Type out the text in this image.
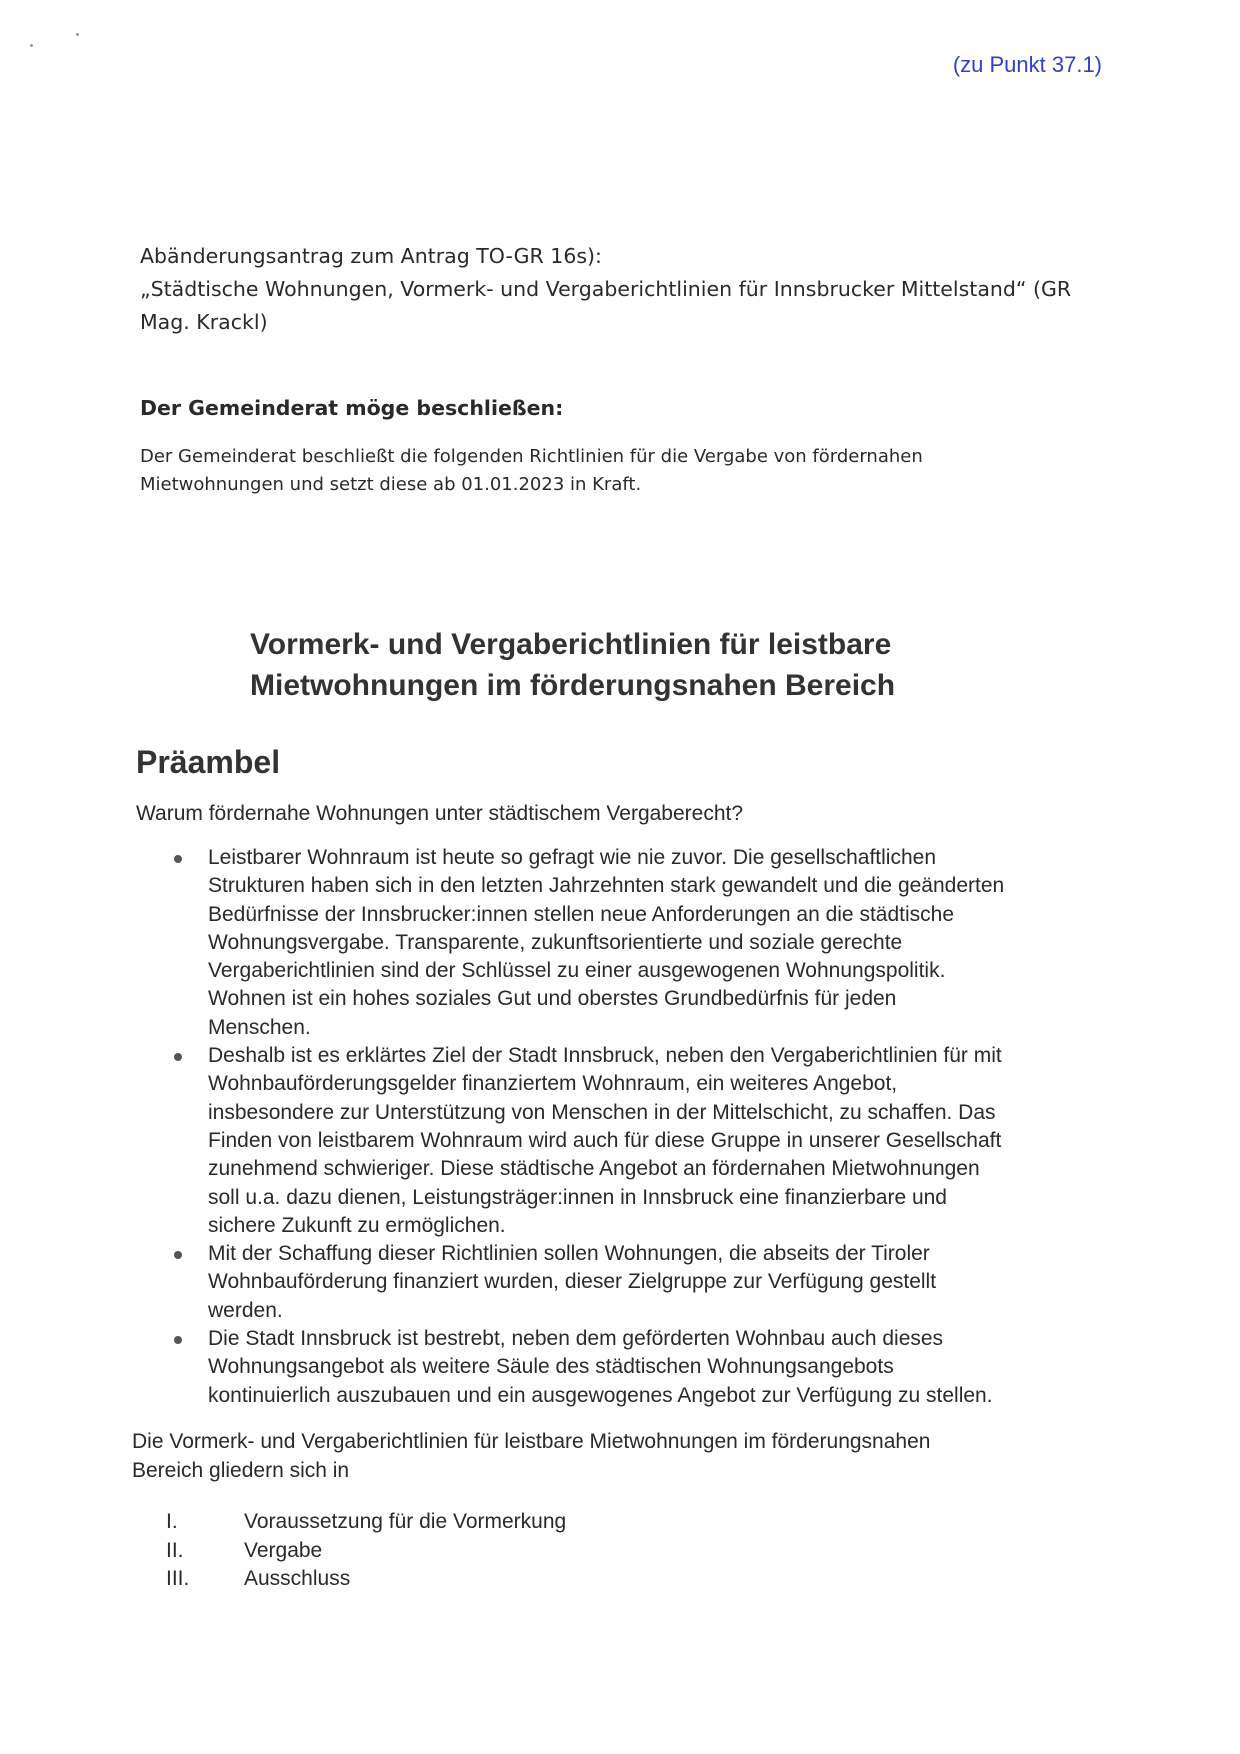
(zu Punkt 37.1)

Abänderungsantrag zum Antrag TO-GR 16s):
„Städtische Wohnungen, Vormerk- und Vergaberichtlinien für Innsbrucker Mittelstand“ (GR
Mag. Krackl)

Der Gemeinderat möge beschließen:

Der Gemeinderat beschließt die folgenden Richtlinien für die Vergabe von fördernahen
Mietwohnungen und setzt diese ab 01.01.2023 in Kraft.

Vormerk- und Vergaberichtlinien für leistbare
Mietwohnungen im förderungsnahen Bereich
Präambel

Warum fördernahe Wohnungen unter städtischem Vergaberecht?

Leistbarer Wohnraum ist heute so gefragt wie nie zuvor. Die gesellschaftlichen
Strukturen haben sich in den letzten Jahrzehnten stark gewandelt und die geänderten
Bedürfnisse der Innsbrucker:innen stellen neue Anforderungen an die städtische
Wohnungsvergabe. Transparente, zukunftsorientierte und soziale gerechte
Vergaberichtlinien sind der Schlüssel zu einer ausgewogenen Wohnungspolitik.
Wohnen ist ein hohes soziales Gut und oberstes Grundbedürfnis für jeden
Menschen.
Deshalb ist es erklärtes Ziel der Stadt Innsbruck, neben den Vergaberichtlinien für mit
Wohnbauförderungsgelder finanziertem Wohnraum, ein weiteres Angebot,
insbesondere zur Unterstützung von Menschen in der Mittelschicht, zu schaffen. Das
Finden von leistbarem Wohnraum wird auch für diese Gruppe in unserer Gesellschaft
zunehmend schwieriger. Diese städtische Angebot an fördernahen Mietwohnungen
soll u.a. dazu dienen, Leistungsträger:innen in Innsbruck eine finanzierbare und
sichere Zukunft zu ermöglichen.
Mit der Schaffung dieser Richtlinien sollen Wohnungen, die abseits der Tiroler
Wohnbauförderung finanziert wurden, dieser Zielgruppe zur Verfügung gestellt
werden.
Die Stadt Innsbruck ist bestrebt, neben dem geförderten Wohnbau auch dieses
Wohnungsangebot als weitere Säule des städtischen Wohnungsangebots
kontinuierlich auszubauen und ein ausgewogenes Angebot zur Verfügung zu stellen.

Die Vormerk- und Vergaberichtlinien für leistbare Mietwohnungen im förderungsnahen
Bereich gliedern sich in

I.	Voraussetzung für die Vormerkung
II.	Vergabe
III.	Ausschluss
